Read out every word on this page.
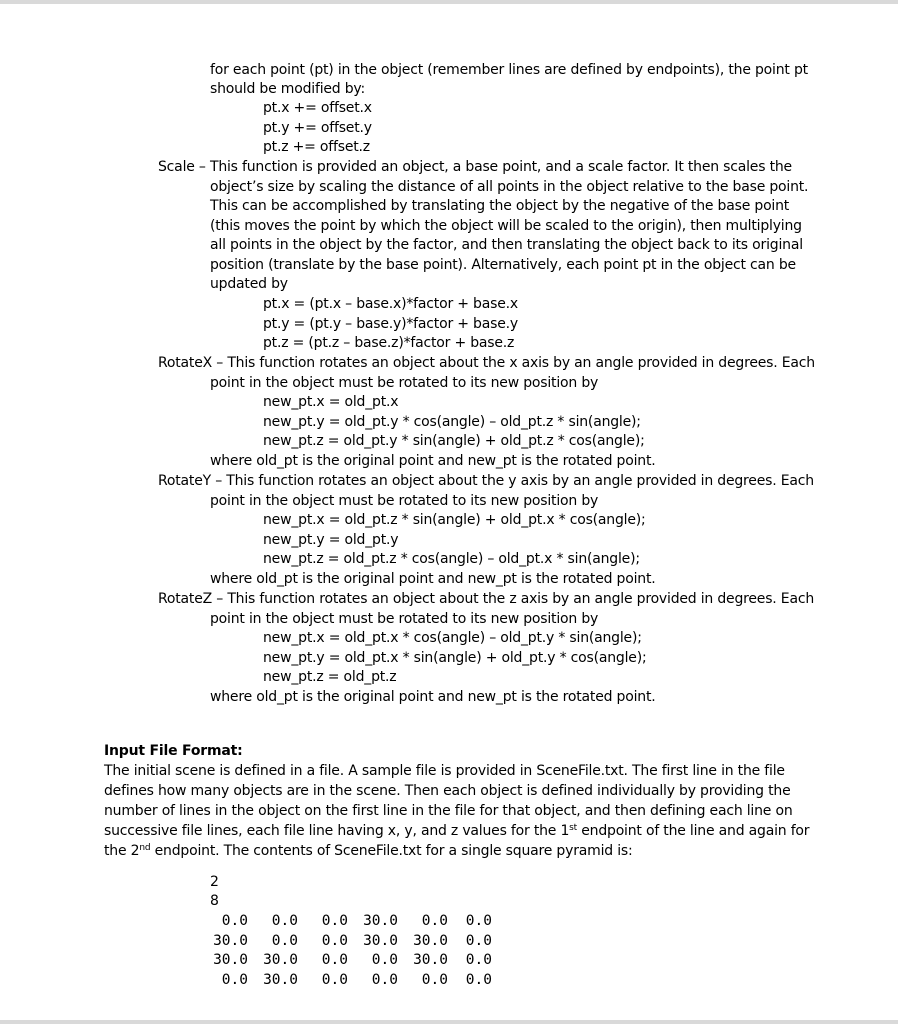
for each point (pt) in the object (remember lines are defined by endpoints), the point pt
should be modified by:
pt.x += offset.x
pt.y += offset.y
pt.z += offset.z
Scale – This function is provided an object, a base point, and a scale factor. It then scales the
object’s size by scaling the distance of all points in the object relative to the base point.
This can be accomplished by translating the object by the negative of the base point
(this moves the point by which the object will be scaled to the origin), then multiplying
all points in the object by the factor, and then translating the object back to its original
position (translate by the base point). Alternatively, each point pt in the object can be
updated by
pt.x = (pt.x – base.x)*factor + base.x
pt.y = (pt.y – base.y)*factor + base.y
pt.z = (pt.z – base.z)*factor + base.z
RotateX – This function rotates an object about the x axis by an angle provided in degrees. Each
point in the object must be rotated to its new position by
new_pt.x = old_pt.x
new_pt.y = old_pt.y * cos(angle) – old_pt.z * sin(angle);
new_pt.z = old_pt.y * sin(angle) + old_pt.z * cos(angle);
where old_pt is the original point and new_pt is the rotated point.
RotateY – This function rotates an object about the y axis by an angle provided in degrees. Each
point in the object must be rotated to its new position by
new_pt.x = old_pt.z * sin(angle) + old_pt.x * cos(angle);
new_pt.y = old_pt.y
new_pt.z = old_pt.z * cos(angle) – old_pt.x * sin(angle);
where old_pt is the original point and new_pt is the rotated point.
RotateZ – This function rotates an object about the z axis by an angle provided in degrees. Each
point in the object must be rotated to its new position by
new_pt.x = old_pt.x * cos(angle) – old_pt.y * sin(angle);
new_pt.y = old_pt.x * sin(angle) + old_pt.y * cos(angle);
new_pt.z = old_pt.z
where old_pt is the original point and new_pt is the rotated point.
Input File Format:
The initial scene is defined in a file. A sample file is provided in SceneFile.txt. The first line in the file
defines how many objects are in the scene. Then each object is defined individually by providing the
number of lines in the object on the first line in the file for that object, and then defining each line on
successive file lines, each file line having x, y, and z values for the 1st endpoint of the line and again for
the 2nd endpoint. The contents of SceneFile.txt for a single square pyramid is:
2
8
0.0	0.0	0.0	30.0	0.0	0.0
30.0	0.0	0.0	30.0	30.0	0.0
30.0	30.0	0.0	0.0	30.0	0.0
0.0	30.0	0.0	0.0	0.0	0.0
